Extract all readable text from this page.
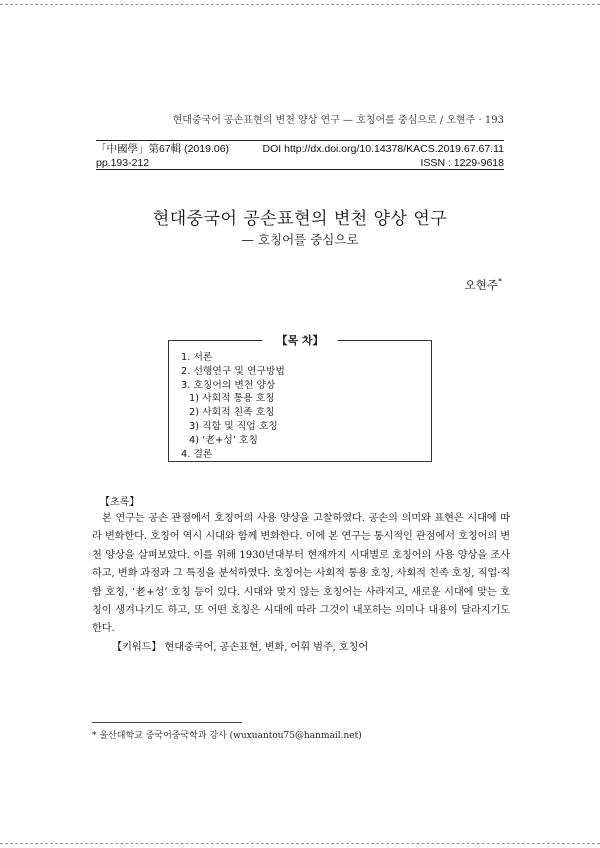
현대중국어 공손표현의 변천 양상 연구 — 호칭어를 중심으로 / 오현주 · 193
「中國學」第67輯 (2019.06)	DOI http://dx.doi.org/10.14378/KACS.2019.67.67.11
pp.193-212	ISSN : 1229-9618
현대중국어 공손표현의 변천 양상 연구
— 호칭어를 중심으로
오현주*
【목 차】
1. 서론
2. 선행연구 및 연구방법
3. 호칭어의 변천 양상
1) 사회적 통용 호칭
2) 사회적 친족 호칭
3) 직함 및 직업 호칭
4) ‘老+성’ 호칭
4. 결론
【초록】

본 연구는 공손 관점에서 호칭어의 사용 양상을 고찰하였다. 공손의 의미와 표현은 시대에 따라 변화한다. 호칭어 역시 시대와 함께 변화한다. 이에 본 연구는 통시적인 관점에서 호칭어의 변천 양상을 살펴보았다. 이를 위해 1930년대부터 현재까지 시대별로 호칭어의 사용 양상을 조사하고, 변화 과정과 그 특징을 분석하였다. 호칭어는 사회적 통용 호칭, 사회적 친족 호칭, 직업·직함 호칭, ‘老+성’ 호칭 등이 있다. 시대와 맞지 않는 호칭어는 사라지고, 새로운 시대에 맞는 호칭이 생겨나기도 하고, 또 어떤 호칭은 시대에 따라 그것이 내포하는 의미나 내용이 달라지기도 한다.

【키워드】 현대중국어, 공손표현, 변화, 어휘 범주, 호칭어

* 울산대학교 중국어중국학과 강사 (wuxuantou75@hanmail.net)
